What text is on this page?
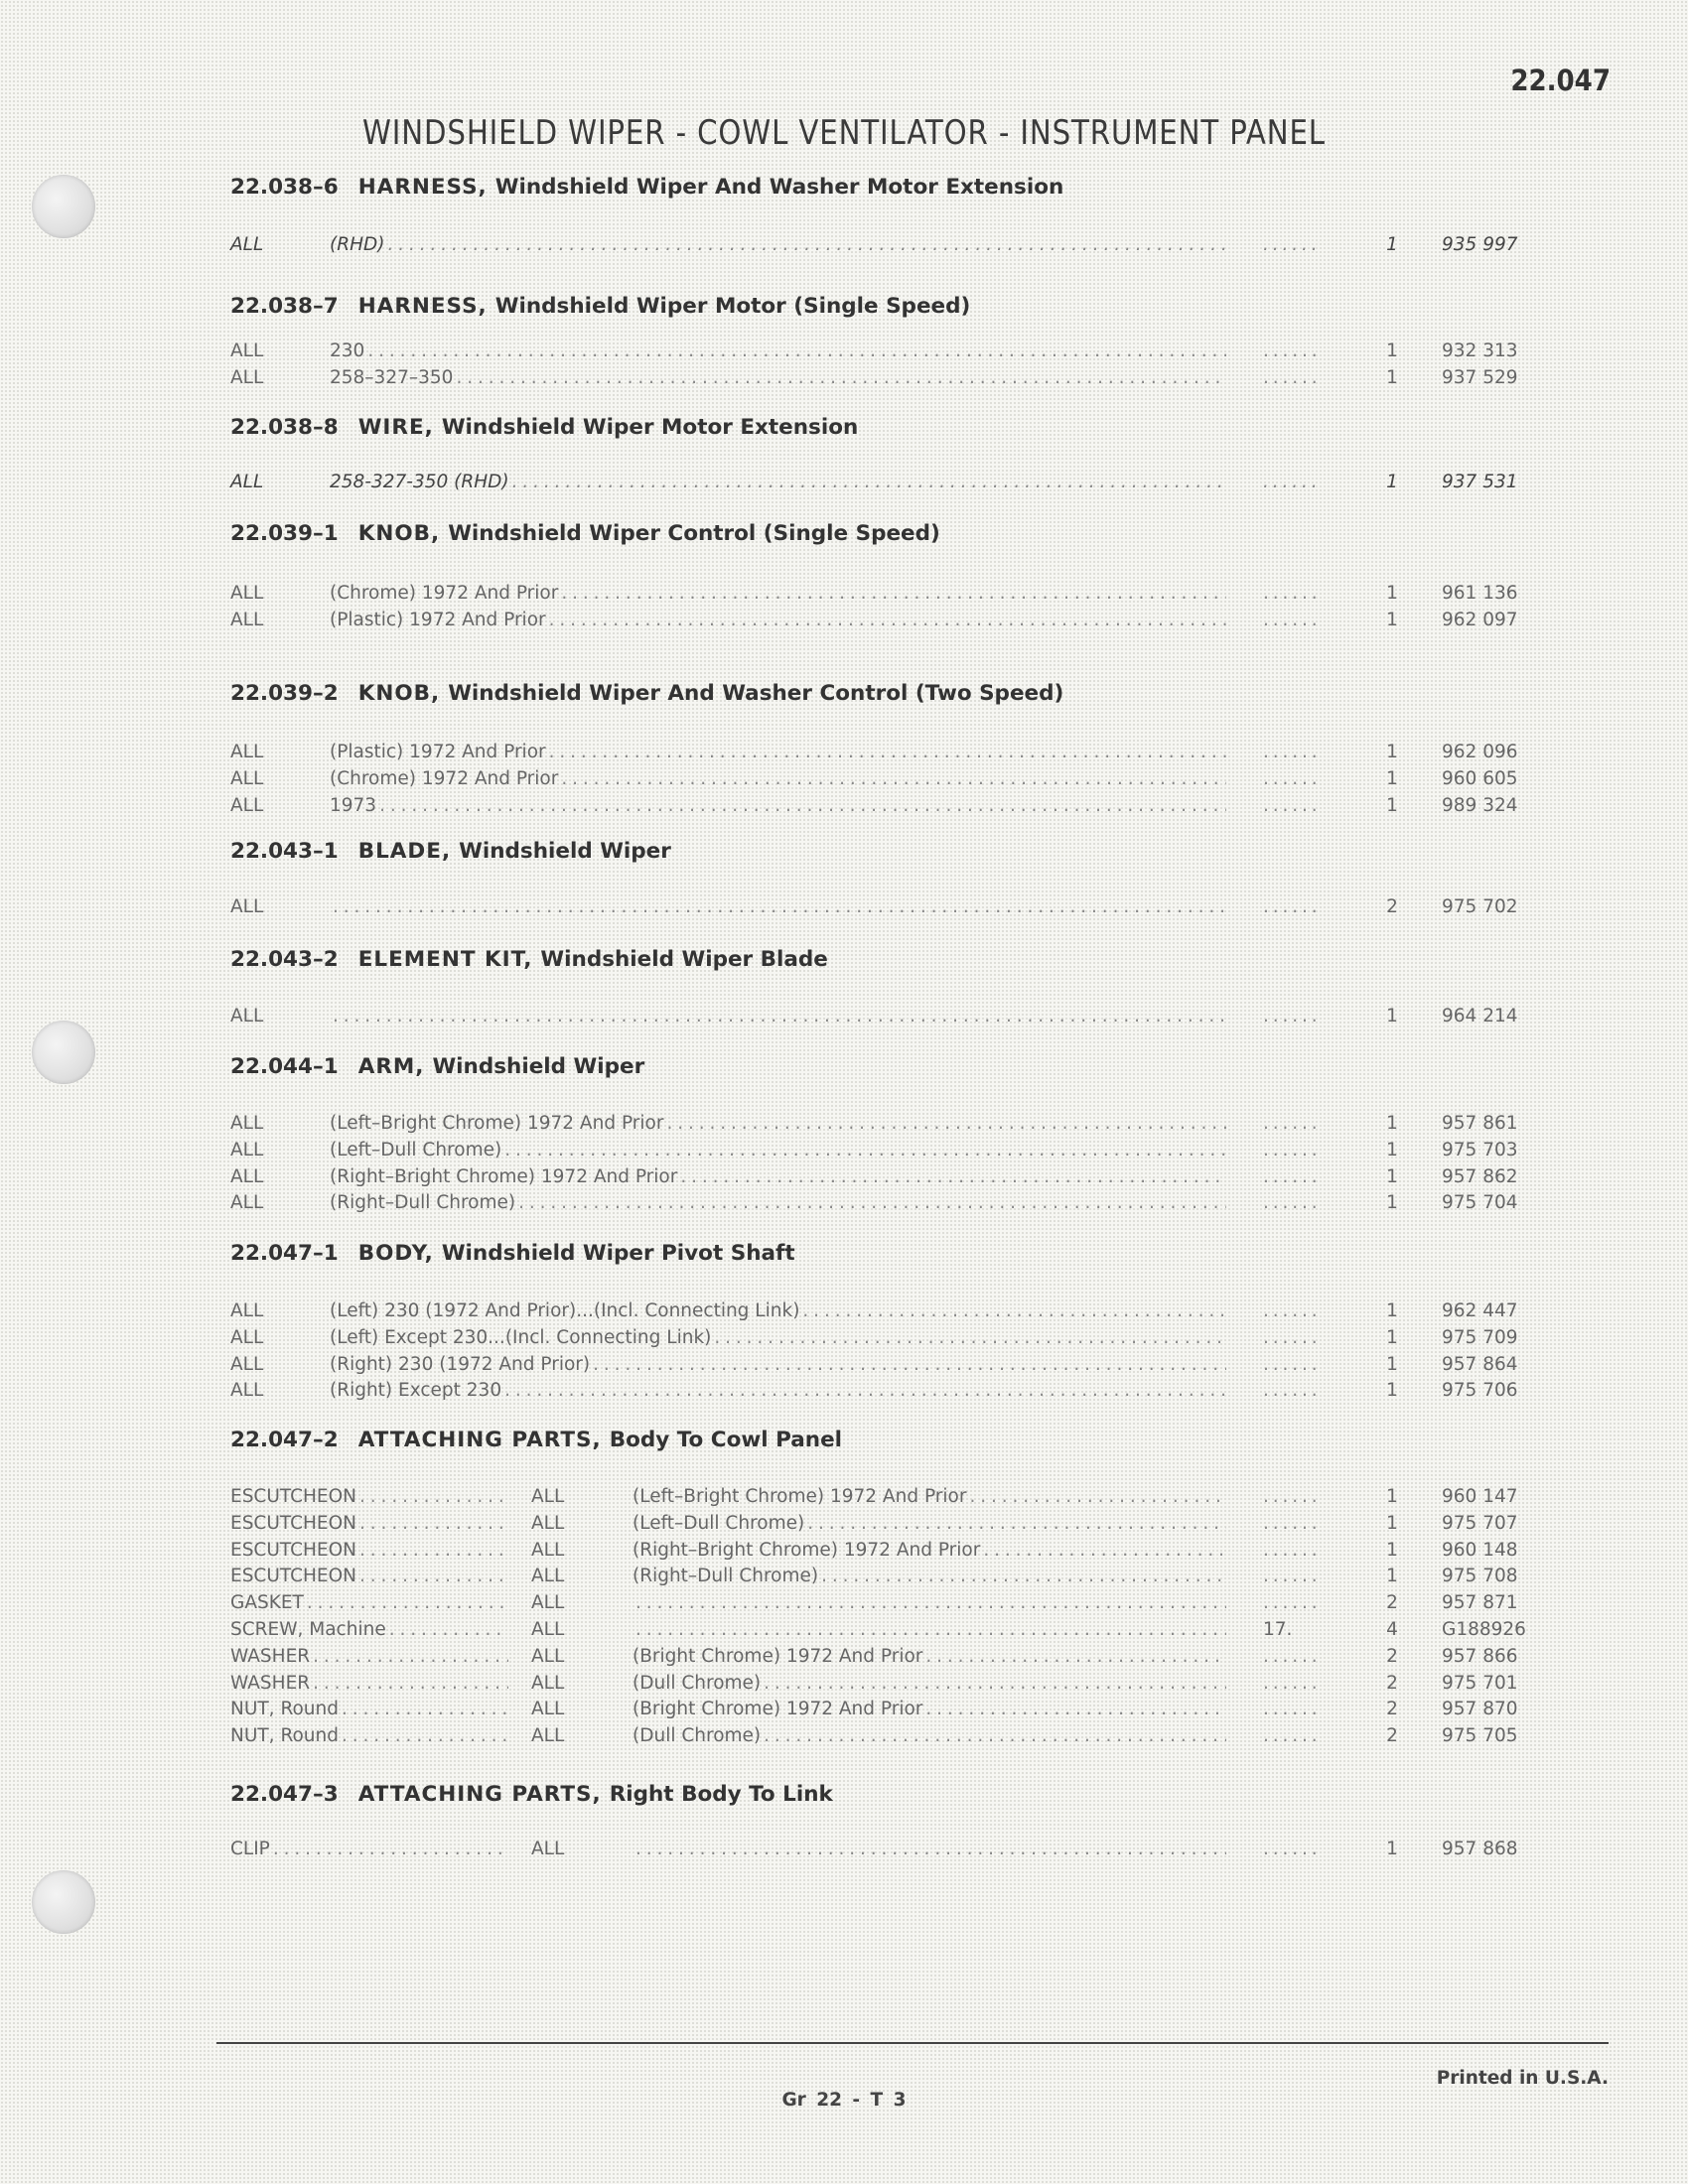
22.047
WINDSHIELD WIPER - COWL VENTILATOR - INSTRUMENT PANEL
22.038–6 HARNESS, Windshield Wiper And Washer Motor Extension
ALL	(RHD) . . .	. . . . . .	1	935 997
22.038–7 HARNESS, Windshield Wiper Motor (Single Speed)
ALL	230 . . .	. . . . . .	1	932 313
ALL	258–327–350 . . .	. . . . . .	1	937 529
22.038–8 WIRE, Windshield Wiper Motor Extension
ALL	258-327-350 (RHD) . . .	. . . . . .	1	937 531
22.039–1 KNOB, Windshield Wiper Control (Single Speed)
ALL	(Chrome) 1972 And Prior . . .	. . . . . .	1	961 136
ALL	(Plastic) 1972 And Prior . . .	. . . . . .	1	962 097
22.039–2 KNOB, Windshield Wiper And Washer Control (Two Speed)
ALL	(Plastic) 1972 And Prior . . .	. . . . . .	1	962 096
ALL	(Chrome) 1972 And Prior . . .	. . . . . .	1	960 605
ALL	1973 . . .	. . . . . .	1	989 324
22.043–1 BLADE, Windshield Wiper
ALL . . .	. . . . . .	2	975 702
22.043–2 ELEMENT KIT, Windshield Wiper Blade
ALL . . .	. . . . . .	1	964 214
22.044–1 ARM, Windshield Wiper
ALL	(Left–Bright Chrome) 1972 And Prior . . .	. . . . . .	1	957 861
ALL	(Left–Dull Chrome) . . .	. . . . . .	1	975 703
ALL	(Right–Bright Chrome) 1972 And Prior . . .	. . . . . .	1	957 862
ALL	(Right–Dull Chrome) . . .	. . . . . .	1	975 704
22.047–1 BODY, Windshield Wiper Pivot Shaft
ALL	(Left) 230 (1972 And Prior)...(Incl. Connecting Link) . . .	. . . . . .	1	962 447
ALL	(Left) Except 230...(Incl. Connecting Link) . . .	. . . . . .	1	975 709
ALL	(Right) 230 (1972 And Prior) . . .	. . . . . .	1	957 864
ALL	(Right) Except 230 . . .	. . . . . .	1	975 706
22.047–2 ATTACHING PARTS, Body To Cowl Panel
ESCUTCHEON . . .	ALL	(Left–Bright Chrome) 1972 And Prior . . .	. . . . . .	1	960 147
ESCUTCHEON . . .	ALL	(Left–Dull Chrome) . . .	. . . . . .	1	975 707
ESCUTCHEON . . .	ALL	(Right–Bright Chrome) 1972 And Prior . . .	. . . . . .	1	960 148
ESCUTCHEON . . .	ALL	(Right–Dull Chrome) . . .	. . . . . .	1	975 708
GASKET . . .	ALL . . .	. . . . . .	2	957 871
SCREW, Machine . . .	ALL . . .	17.	4	G188926
WASHER . . .	ALL	(Bright Chrome) 1972 And Prior . . .	. . . . . .	2	957 866
WASHER . . .	ALL	(Dull Chrome) . . .	. . . . . .	2	975 701
NUT, Round . . .	ALL	(Bright Chrome) 1972 And Prior . . .	. . . . . .	2	957 870
NUT, Round . . .	ALL	(Dull Chrome) . . .	. . . . . .	2	975 705
22.047–3 ATTACHING PARTS, Right Body To Link
CLIP . . .	ALL . . .	. . . . . .	1	957 868
Printed in U.S.A.
Gr 22 - T 3
